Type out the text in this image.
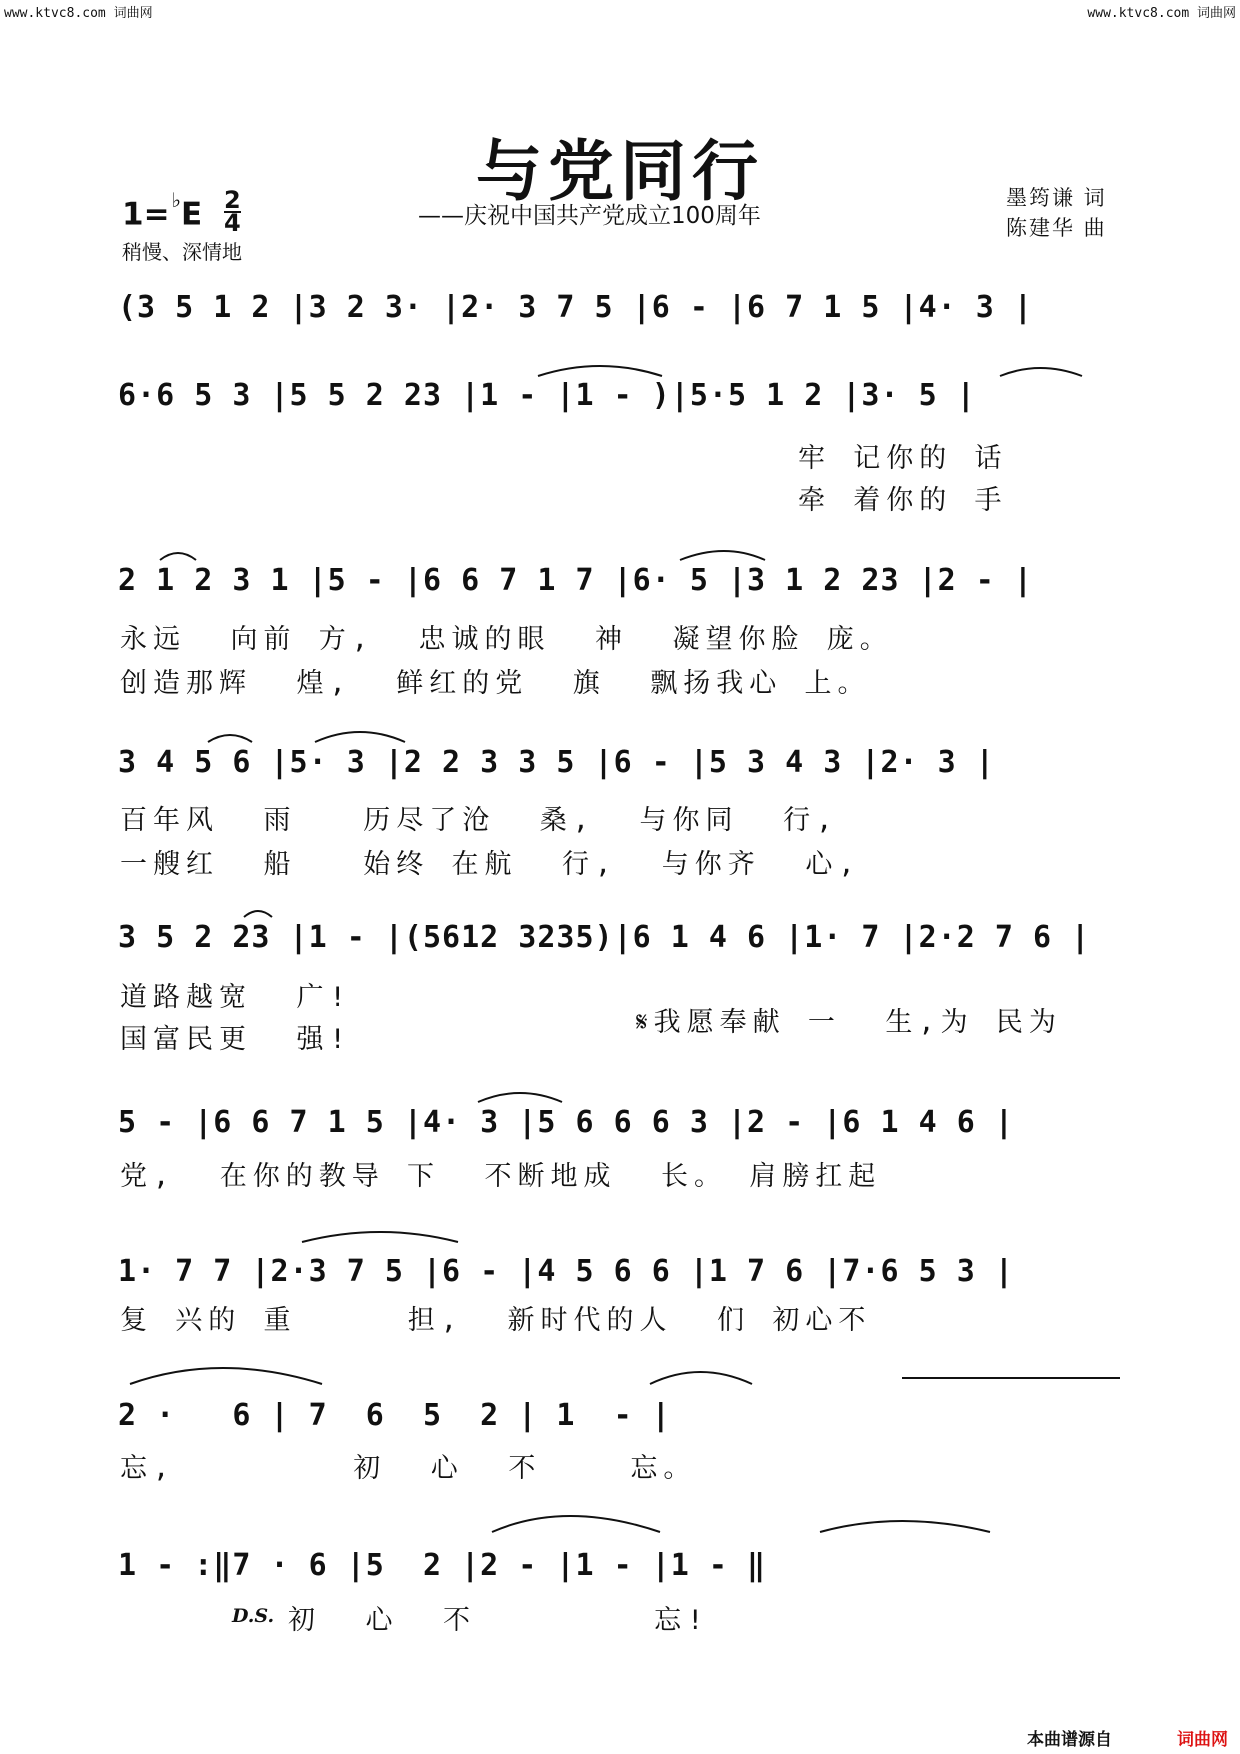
www.ktvc8.com 词曲网	www.ktvc8.com 词曲网
与党同行
——庆祝中国共产党成立100周年
墨筠谦 词
陈建华 曲
1= ♭E 2
4
稍慢、深情地
(3 5 1 2 |3 2 3· |2· 3 7 5 |6 - |6 7 1 5 |4· 3 |
6·6 5 3 |5 5 2 23 |1 - |1 - )|5·5 1 2 |3· 5 |
牢 记你的 话
牵 着你的 手
2 1 2 3 1 |5 - |6 6 7 1 7 |6· 5 |3 1 2 23 |2 - |
永远  向前 方,  忠诚的眼  神  凝望你脸 庞。
创造那辉  煌,  鲜红的党  旗  飘扬我心 上。
3 4 5 6 |5· 3 |2 2 3 3 5 |6 - |5 3 4 3 |2· 3 |
百年风  雨   历尽了沧  桑,  与你同  行,
一艘红  船   始终 在航  行,  与你齐  心,
3 5 2 23 |1 - |(5612 3235)|6 1 4 6 |1· 7 |2·2 7 6 |
道路越宽  广!
国富民更  强!
𝄋我愿奉献 一  生,为 民为
5 - |6 6 7 1 5 |4· 3 |5 6 6 6 3 |2 - |6 1 4 6 |
党,  在你的教导 下  不断地成  长。 肩膀扛起
1· 7 7 |2·3 7 5 |6 - |4 5 6 6 |1 7 6 |7·6 5 3 |
复 兴的 重     担,  新时代的人  们 初心不
2 ·   6 | 7  6  5  2 | 1  - |
忘,        初  心  不    忘。
1 - :‖7 · 6 |5  2 |2 - |1 - |1 - ‖
D.S. 初  心  不        忘!
本曲谱源自	词曲网
